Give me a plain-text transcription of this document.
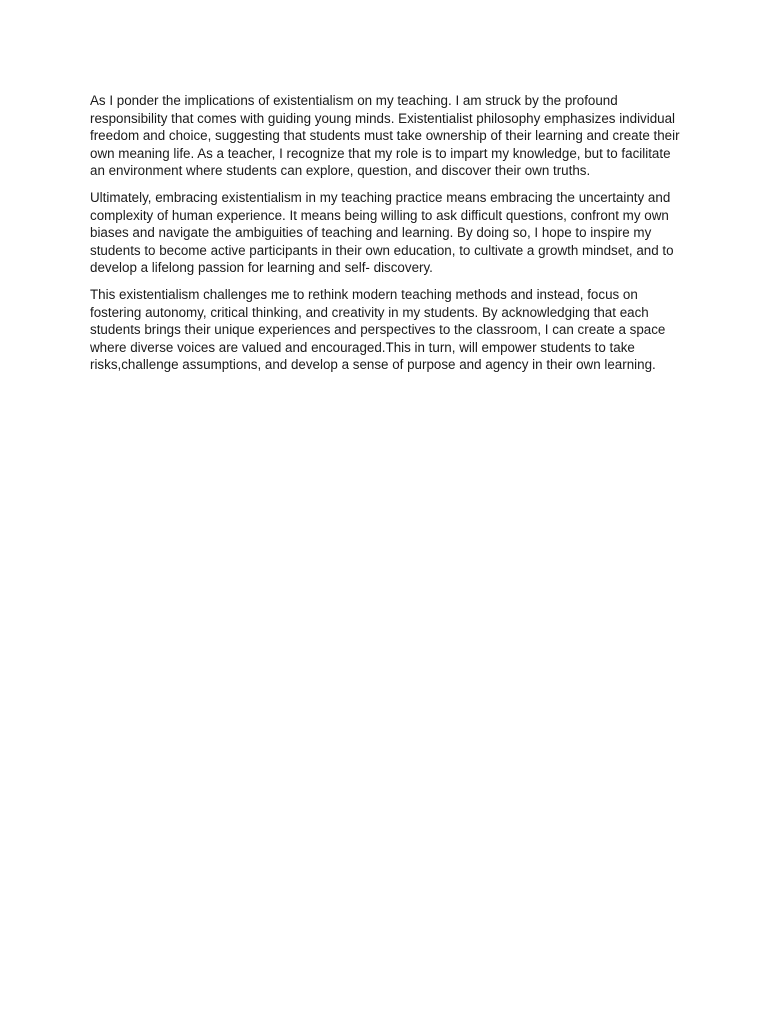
As I ponder the implications of existentialism on my teaching. I am struck by the profound responsibility that comes with guiding young minds. Existentialist philosophy emphasizes individual freedom and choice, suggesting that students must take ownership of their learning and create their own meaning life. As a teacher, I recognize that my role is to impart my knowledge, but to facilitate an environment where students can explore, question, and discover their own truths.

Ultimately, embracing existentialism in my teaching practice means embracing the uncertainty and complexity of human experience. It means being willing to ask difficult questions, confront my own biases and navigate the ambiguities of teaching and learning. By doing so, I hope to inspire my students to become active participants in their own education, to cultivate a growth mindset, and to develop a lifelong passion for learning and self- discovery.

This existentialism challenges me to rethink modern teaching methods and instead, focus on fostering autonomy, critical thinking, and creativity in my students. By acknowledging that each students brings their unique experiences and perspectives to the classroom, I can create a space where diverse voices are valued and encouraged.This in turn, will empower students to take risks,challenge assumptions, and develop a sense of purpose and agency in their own learning.
